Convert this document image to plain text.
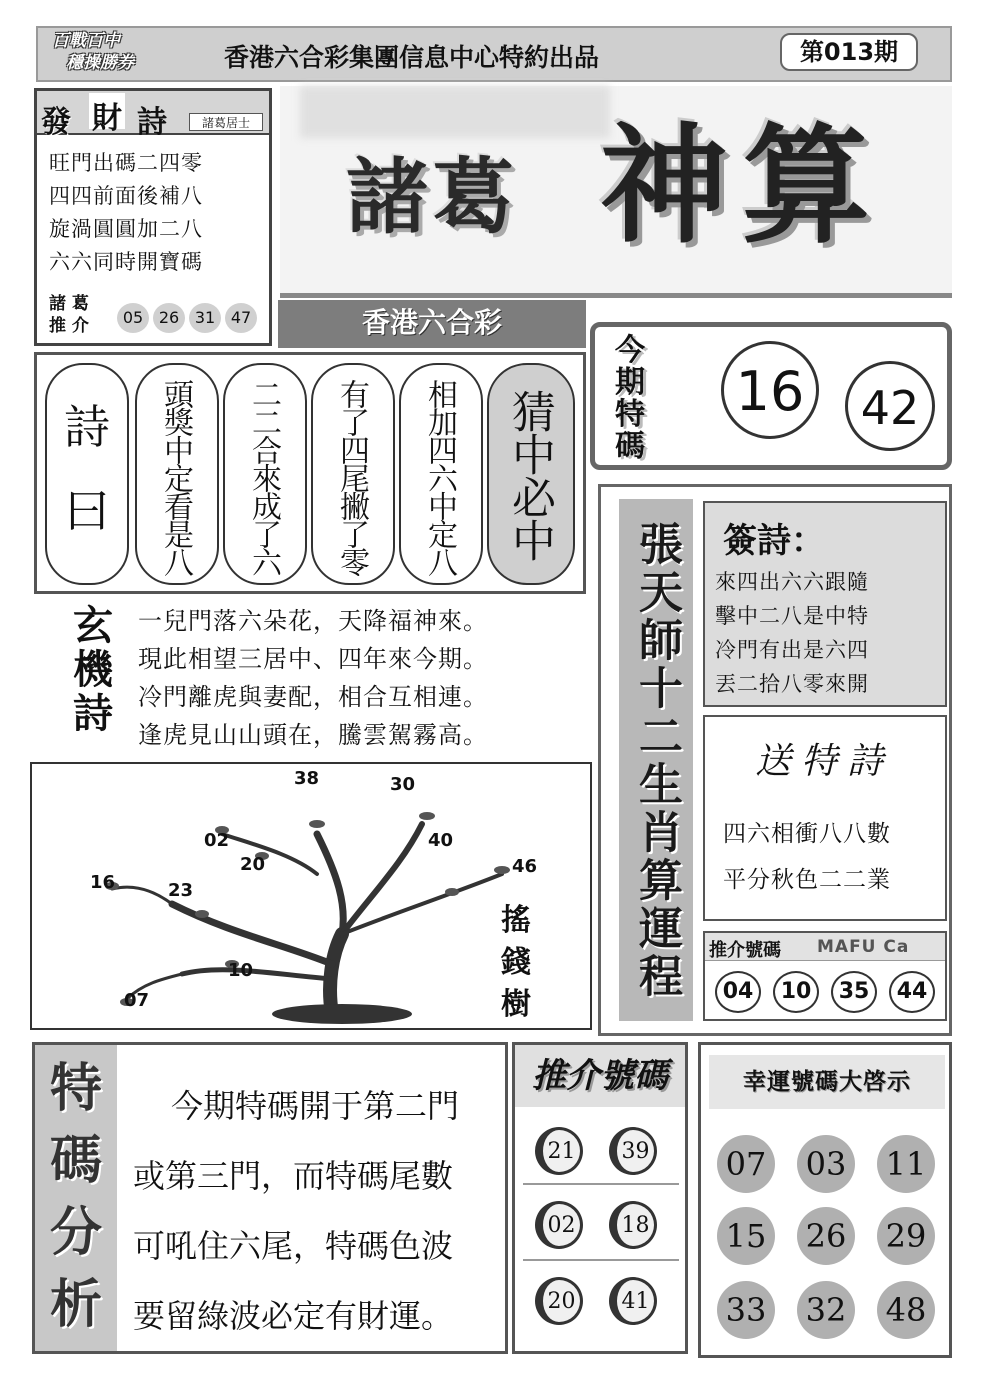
百戰百中
穩操勝券	香港六合彩集團信息中心特約出品	第013期
發 財 詩	諸葛居士
旺門出碼二四零
四四前面後補八
旋渦圓圓加二八
六六同時開寶碼
諸 葛
推 介	05 26 31 47
諸葛 神算
香港六合彩
詩
曰	頭獎中定看是八	二二合來成了六	有了四尾撇了零	相加四六中定八	猜中必中
今
期
特
碼
16	42
玄
機
詩
一兒門落六朵花，天降福神來。
現此相望三居中、四年來今期。
冷門離虎與妻配，相合互相連。
逢虎見山山頭在，騰雲駕霧高。
38	30
02	40
20	46
16	23
10
07
搖
錢
樹
張天師十二生肖算運程 簽詩：
來四出六六跟隨
擊中二八是中特
冷門有出是六四
丟二拾八零來開
送特詩
四六相衝八八數
平分秋色二二業
推介號碼 MAFU Ca
04	10	35	44
特
碼
分
析
今期特碼開于第二門
或第三門，而特碼尾數
可吼住六尾，特碼色波
要留綠波必定有財運。
推介號碼
21	39
02	18
20	41
幸運號碼大啓示
07 03 11
15 26 29
33 32 48
